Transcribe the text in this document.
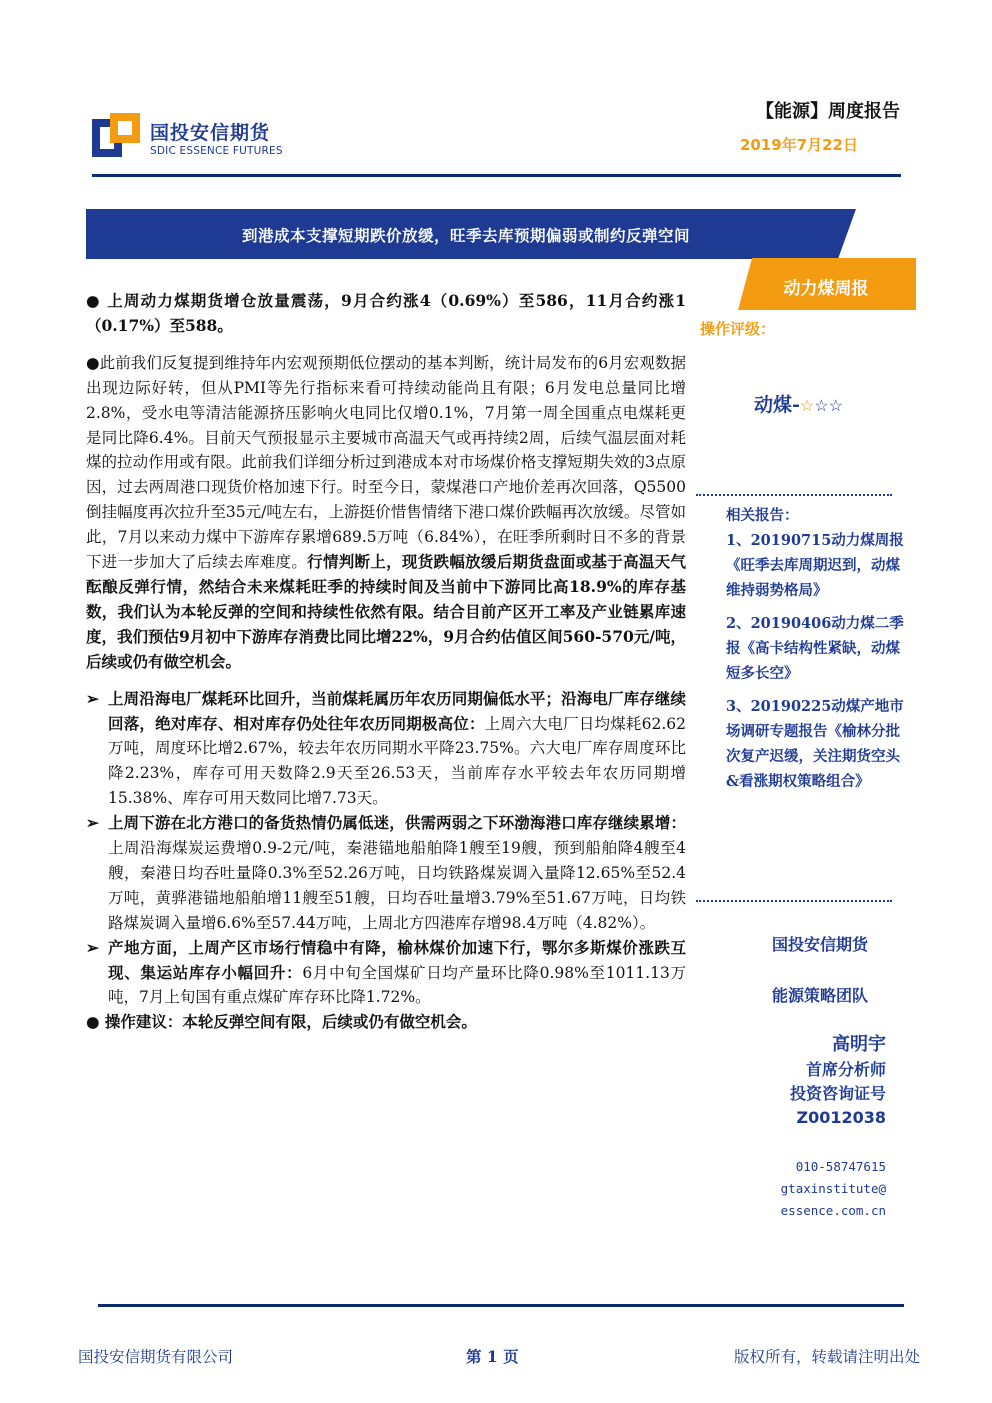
国投安信期货
SDIC ESSENCE FUTURES
【能源】周度报告
2019年7月22日
到港成本支撑短期跌价放缓，旺季去库预期偏弱或制约反弹空间
动力煤周报

● 上周动力煤期货增仓放量震荡，9月合约涨4（0.69%）至586，11月合约涨1（0.17%）至588。

●此前我们反复提到维持年内宏观预期低位摆动的基本判断，统计局发布的6月宏观数据出现边际好转，但从PMI等先行指标来看可持续动能尚且有限；6月发电总量同比增2.8%，受水电等清洁能源挤压影响火电同比仅增0.1%，7月第一周全国重点电煤耗更是同比降6.4%。目前天气预报显示主要城市高温天气或再持续2周，后续气温层面对耗煤的拉动作用或有限。此前我们详细分析过到港成本对市场煤价格支撑短期失效的3点原因，过去两周港口现货价格加速下行。时至今日，蒙煤港口产地价差再次回落，Q5500倒挂幅度再次拉升至35元/吨左右，上游挺价惜售情绪下港口煤价跌幅再次放缓。尽管如此，7月以来动力煤中下游库存累增689.5万吨（6.84%），在旺季所剩时日不多的背景下进一步加大了后续去库难度。行情判断上，现货跌幅放缓后期货盘面或基于高温天气酝酿反弹行情，然结合未来煤耗旺季的持续时间及当前中下游同比高18.9%的库存基数，我们认为本轮反弹的空间和持续性依然有限。结合目前产区开工率及产业链累库速度，我们预估9月初中下游库存消费比同比增22%，9月合约估值区间560-570元/吨，后续或仍有做空机会。

➢ 上周沿海电厂煤耗环比回升，当前煤耗属历年农历同期偏低水平；沿海电厂库存继续回落，绝对库存、相对库存仍处往年农历同期极高位：上周六大电厂日均煤耗62.62万吨，周度环比增2.67%，较去年农历同期水平降23.75%。六大电厂库存周度环比降2.23%，库存可用天数降2.9天至26.53天，当前库存水平较去年农历同期增15.38%、库存可用天数同比增7.73天。
➢ 上周下游在北方港口的备货热情仍属低迷，供需两弱之下环渤海港口库存继续累增：上周沿海煤炭运费增0.9-2元/吨，秦港锚地船舶降1艘至19艘，预到船舶降4艘至4艘，秦港日均吞吐量降0.3%至52.26万吨，日均铁路煤炭调入量降12.65%至52.4万吨，黄骅港锚地船舶增11艘至51艘，日均吞吐量增3.79%至51.67万吨，日均铁路煤炭调入量增6.6%至57.44万吨，上周北方四港库存增98.4万吨（4.82%）。
➢ 产地方面，上周产区市场行情稳中有降，榆林煤价加速下行，鄂尔多斯煤价涨跌互现、集运站库存小幅回升：6月中旬全国煤矿日均产量环比降0.98%至1011.13万吨，7月上旬国有重点煤矿库存环比降1.72%。
● 操作建议：本轮反弹空间有限，后续或仍有做空机会。
操作评级：
动煤-☆☆☆
相关报告：
1、20190715动力煤周报《旺季去库周期迟到，动煤维持弱势格局》
2、20190406动力煤二季报《高卡结构性紧缺，动煤短多长空》
3、20190225动煤产地市场调研专题报告《榆林分批次复产迟缓，关注期货空头&看涨期权策略组合》
国投安信期货
能源策略团队
高明宇
首席分析师
投资咨询证号
Z0012038
010-58747615
gtaxinstitute@
essence.com.cn
国投安信期货有限公司	第 1 页	版权所有，转载请注明出处
